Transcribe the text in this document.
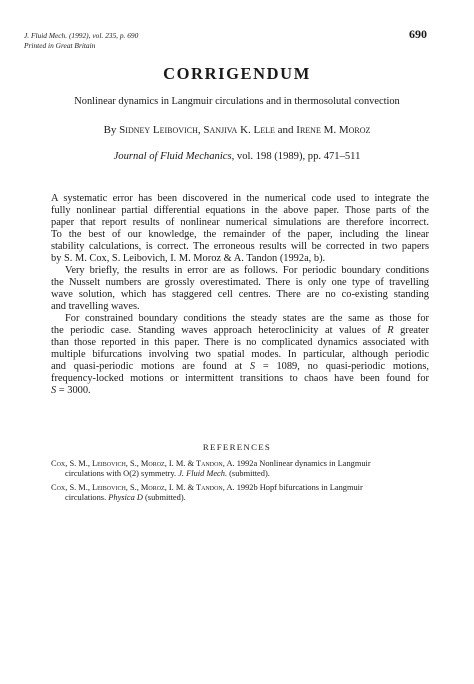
J. Fluid Mech. (1992), vol. 235, p. 690
Printed in Great Britain
690
CORRIGENDUM
Nonlinear dynamics in Langmuir circulations and in thermosolutal convection
By Sidney Leibovich, Sanjiva K. Lele and Irene M. Moroz
Journal of Fluid Mechanics, vol. 198 (1989), pp. 471–511
A systematic error has been discovered in the numerical code used to integrate the
fully nonlinear partial differential equations in the above paper. Those parts of the
paper that report results of nonlinear numerical simulations are therefore incorrect.
To the best of our knowledge, the remainder of the paper, including the linear
stability calculations, is correct. The erroneous results will be corrected in two papers
by S. M. Cox, S. Leibovich, I. M. Moroz & A. Tandon (1992a, b).
Very briefly, the results in error are as follows. For periodic boundary conditions
the Nusselt numbers are grossly overestimated. There is only one type of travelling
wave solution, which has staggered cell centres. There are no co-existing standing
and travelling waves.
For constrained boundary conditions the steady states are the same as those for
the periodic case. Standing waves approach heteroclinicity at values of R greater
than those reported in this paper. There is no complicated dynamics associated with
multiple bifurcations involving two spatial modes. In particular, although periodic
and quasi-periodic motions are found at S = 1089, no quasi-periodic motions,
frequency-locked motions or intermittent transitions to chaos have been found for
S = 3000.
REFERENCES
Cox, S. M., Leibovich, S., Moroz, I. M. & Tandon, A. 1992a Nonlinear dynamics in Langmuir
circulations with O(2) symmetry. J. Fluid Mech. (submitted).
Cox, S. M., Leibovich, S., Moroz, I. M. & Tandon, A. 1992b Hopf bifurcations in Langmuir
circulations. Physica D (submitted).
